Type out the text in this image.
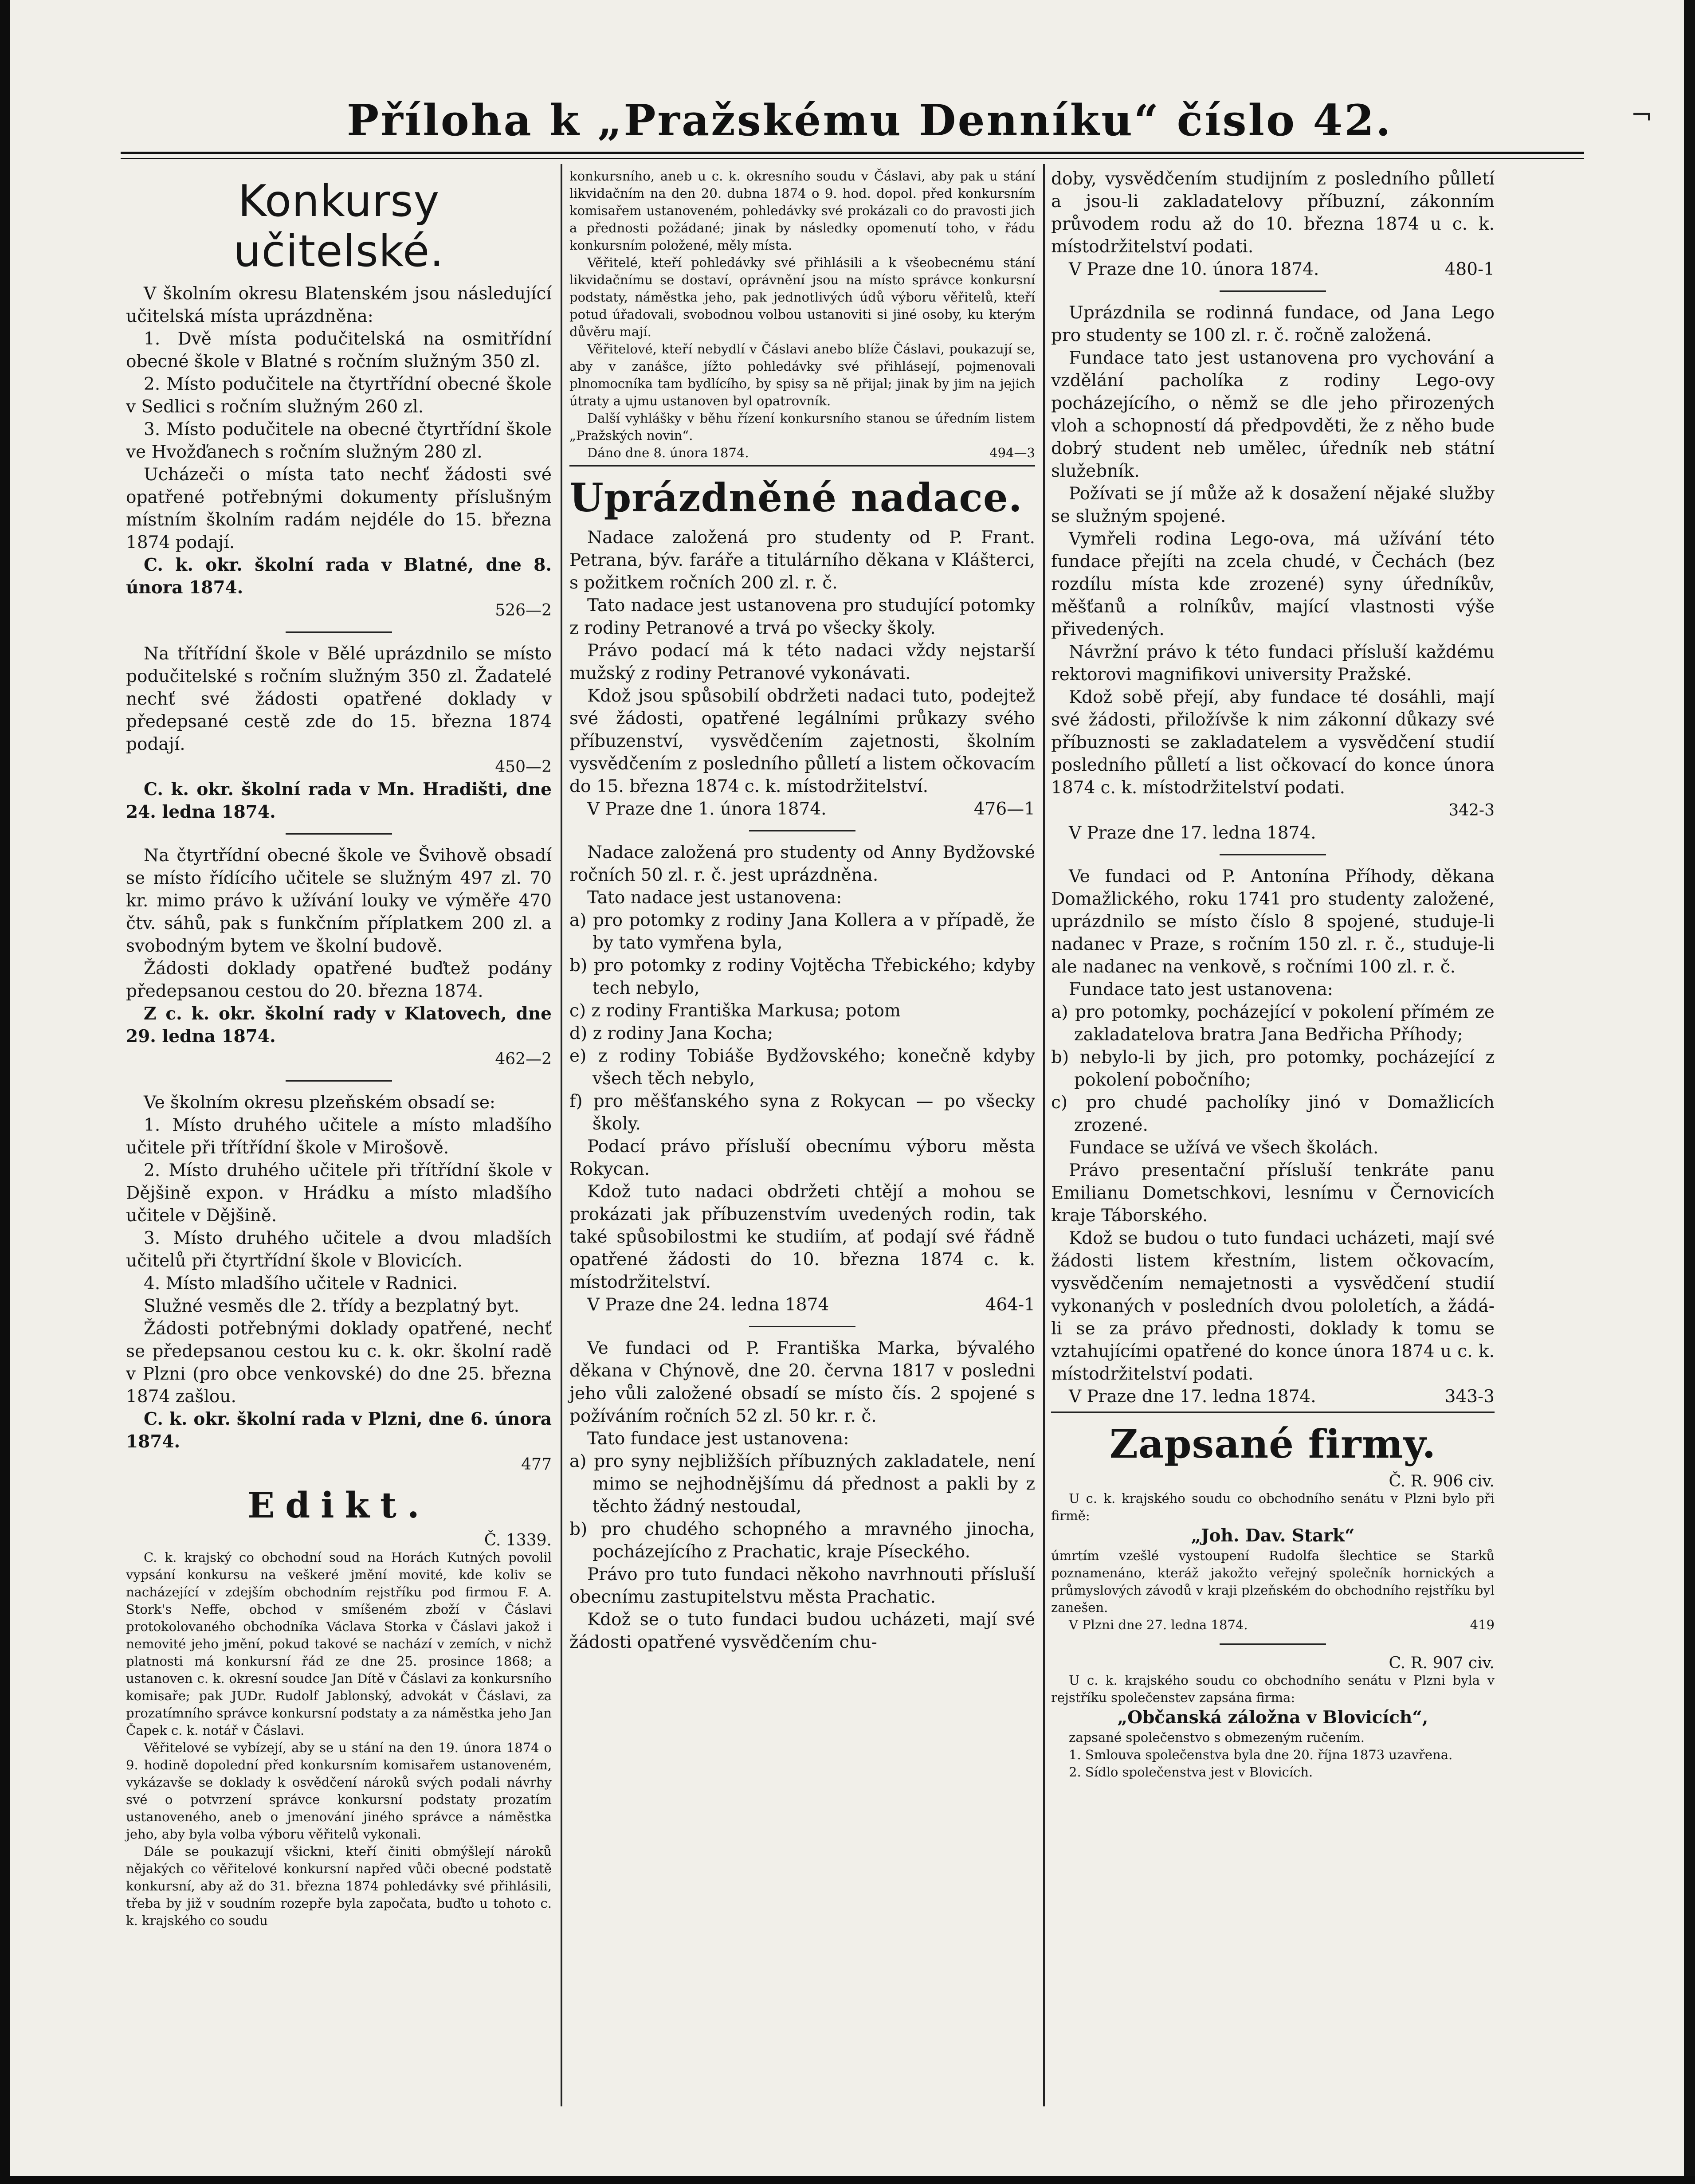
Příloha k „Pražskému Denníku“ číslo 42.	¬
Konkursy učitelské.

V školním okresu Blatenském jsou následující učitelská místa uprázdněna:

1. Dvě místa podučitelská na osmitřídní obecné škole v Blatné s ročním služným 350 zl.

2. Místo podučitele na čtyrtřídní obecné škole v Sedlici s ročním služným 260 zl.

3. Místo podučitele na obecné čtyrtřídní škole ve Hvožďanech s ročním služným 280 zl.

Ucházeči o místa tato nechť žádosti své opatřené potřebnými dokumenty příslušným místním školním radám nejdéle do 15. března 1874 podají.

C. k. okr. školní rada v Blatné, dne 8. února 1874.

526—2

Na třítřídní škole v Bělé uprázdnilo se místo podučitelské s ročním služným 350 zl. Žadatelé nechť své žádosti opatřené doklady v předepsané cestě zde do 15. března 1874 podají.

450—2

C. k. okr. školní rada v Mn. Hradišti, dne 24. ledna 1874.

Na čtyrtřídní obecné škole ve Švihově obsadí se místo řídícího učitele se služným 497 zl. 70 kr. mimo právo k užívání louky ve výměře 470 čtv. sáhů, pak s funkčním příplatkem 200 zl. a svobodným bytem ve školní budově.

Žádosti doklady opatřené buďtež podány předepsanou cestou do 20. března 1874.

Z c. k. okr. školní rady v Klatovech, dne 29. ledna 1874.

462—2

Ve školním okresu plzeňském obsadí se:

1. Místo druhého učitele a místo mladšího učitele při třítřídní škole v Mirošově.

2. Místo druhého učitele při třítřídní škole v Dějšině expon. v Hrádku a místo mladšího učitele v Dějšině.

3. Místo druhého učitele a dvou mladších učitelů při čtyrtřídní škole v Blovicích.

4. Místo mladšího učitele v Radnici.

Služné vesměs dle 2. třídy a bezplatný byt.

Žádosti potřebnými doklady opatřené, nechť se předepsanou cestou ku c. k. okr. školní radě v Plzni (pro obce venkovské) do dne 25. března 1874 zašlou.

C. k. okr. školní rada v Plzni, dne 6. února 1874.

477

Edikt.

Č. 1339.

C. k. krajský co obchodní soud na Horách Kutných povolil vypsání konkursu na veškeré jmění movité, kde koliv se nacházející v zdejším obchodním rejstříku pod firmou F. A. Stork's Neffe, obchod v smíšeném zboží v Čáslavi protokolovaného obchodníka Václava Storka v Čáslavi jakož i nemovité jeho jmění, pokud takové se nachází v zemích, v nichž platnosti má konkursní řád ze dne 25. prosince 1868; a ustanoven c. k. okresní soudce Jan Dítě v Čáslavi za konkursního komisaře; pak JUDr. Rudolf Jablonský, advokát v Čáslavi, za prozatímního správce konkursní podstaty a za náměstka jeho Jan Čapek c. k. notář v Čáslavi.

Věřitelové se vybízejí, aby se u stání na den 19. února 1874 o 9. hodině dopolední před konkursním komisařem ustanoveném, vykázavše se doklady k osvědčení nároků svých podali návrhy své o potvrzení správce konkursní podstaty prozatím ustanoveného, aneb o jmenování jiného správce a náměstka jeho, aby byla volba výboru věřitelů vykonali.

Dále se poukazují všickni, kteří činiti obmýšlejí nároků nějakých co věřitelové konkursní napřed vůči obecné podstatě konkursní, aby až do 31. března 1874 pohledávky své přihlásili, třeba by již v soudním rozepře byla započata, buďto u tohoto c. k. krajského co soudu

konkursního, aneb u c. k. okresního soudu v Čáslavi, aby pak u stání likvidačním na den 20. dubna 1874 o 9. hod. dopol. před konkursním komisařem ustanoveném, pohledávky své prokázali co do pravosti jich a přednosti požádané; jinak by následky opomenutí toho, v řádu konkursním položené, měly místa.

Věřitelé, kteří pohledávky své přihlásili a k všeobecnému stání likvidačnímu se dostaví, oprávnění jsou na místo správce konkursní podstaty, náměstka jeho, pak jednotlivých údů výboru věřitelů, kteří potud úřadovali, svobodnou volbou ustanoviti si jiné osoby, ku kterým důvěru mají.

Věřitelové, kteří nebydlí v Čáslavi anebo blíže Čáslavi, poukazují se, aby v zanášce, jížto pohledávky své přihlásejí, pojmenovali plnomocníka tam bydlícího, by spisy sa ně přijal; jinak by jim na jejich útraty a ujmu ustanoven byl opatrovník.

Další vyhlášky v běhu řízení konkursního stanou se úředním listem „Pražských novin“.

Dáno dne 8. února 1874.	494—3

Uprázdněné nadace.

Nadace založená pro studenty od P. Frant. Petrana, býv. faráře a titulárního děkana v Klášterci, s požitkem ročních 200 zl. r. č.

Tato nadace jest ustanovena pro studující potomky z rodiny Petranové a trvá po všecky školy.

Právo podací má k této nadaci vždy nejstarší mužský z rodiny Petranové vykonávati.

Kdož jsou spůsobilí obdržeti nadaci tuto, podejtež své žádosti, opatřené legálními průkazy svého příbuzenství, vysvědčením zajetnosti, školním vysvědčením z posledního půlletí a listem očkovacím do 15. března 1874 c. k. místodržitelství.

V Praze dne 1. února 1874.	476—1

Nadace založená pro studenty od Anny Bydžovské ročních 50 zl. r. č. jest uprázdněna.

Tato nadace jest ustanovena:

a) pro potomky z rodiny Jana Kollera a v případě, že by tato vymřena byla,

b) pro potomky z rodiny Vojtěcha Třebického; kdyby tech nebylo,

c) z rodiny Františka Markusa; potom

d) z rodiny Jana Kocha;

e) z rodiny Tobiáše Bydžovského; konečně kdyby všech těch nebylo,

f) pro měšťanského syna z Rokycan — po všecky školy.

Podací právo přísluší obecnímu výboru města Rokycan.

Kdož tuto nadaci obdržeti chtějí a mohou se prokázati jak příbuzenstvím uvedených rodin, tak také spůsobilostmi ke studiím, ať podají své řádně opatřené žádosti do 10. března 1874 c. k. místodržitelství.

V Praze dne 24. ledna 1874	464-1

Ve fundaci od P. Františka Marka, bývalého děkana v Chýnově, dne 20. června 1817 v posledni jeho vůli založené obsadí se místo čís. 2 spojené s požíváním ročních 52 zl. 50 kr. r. č.

Tato fundace jest ustanovena:

a) pro syny nejbližších příbuzných zakladatele, není mimo se nejhodnějšímu dá přednost a pakli by z těchto žádný nestoudal,

b) pro chudého schopného a mravného jinocha, pocházejícího z Prachatic, kraje Píseckého.

Právo pro tuto fundaci někoho navrhnouti přísluší obecnímu zastupitelstvu města Prachatic.

Kdož se o tuto fundaci budou ucházeti, mají své žádosti opatřené vysvědčením chu-

doby, vysvědčením studijním z posledního půlletí a jsou-li zakladatelovy příbuzní, zákonním průvodem rodu až do 10. března 1874 u c. k. místodržitelství podati.

V Praze dne 10. února 1874.	480-1

Uprázdnila se rodinná fundace, od Jana Lego pro studenty se 100 zl. r. č. ročně založená.

Fundace tato jest ustanovena pro vychování a vzdělání pacholíka z rodiny Lego-ovy pocházejícího, o němž se dle jeho přirozených vloh a schopností dá předpovděti, že z něho bude dobrý student neb umělec, úředník neb státní služebník.

Požívati se jí může až k dosažení nějaké služby se služným spojené.

Vymřeli rodina Lego-ova, má užívání této fundace přejíti na zcela chudé, v Čechách (bez rozdílu místa kde zrozené) syny úředníkův, měšťanů a rolníkův, mající vlastnosti výše přivedených.

Návržní právo k této fundaci přísluší každému rektorovi magnifikovi university Pražské.

Kdož sobě přejí, aby fundace té dosáhli, mají své žádosti, přiložívše k nim zákonní důkazy své příbuznosti se zakladatelem a vysvědčení studií posledního půlletí a list očkovací do konce února 1874 c. k. místodržitelství podati.

342-3

V Praze dne 17. ledna 1874.

Ve fundaci od P. Antonína Příhody, děkana Domažlického, roku 1741 pro studenty založené, uprázdnilo se místo číslo 8 spojené, studuje-li nadanec v Praze, s ročním 150 zl. r. č., studuje-li ale nadanec na venkově, s ročními 100 zl. r. č.

Fundace tato jest ustanovena:

a) pro potomky, pocházející v pokolení přímém ze zakladatelova bratra Jana Bedřicha Příhody;

b) nebylo-li by jich, pro potomky, pocházející z pokolení pobočního;

c) pro chudé pacholíky jinó v Domažlicích zrozené.

Fundace se užívá ve všech školách.

Právo presentační přísluší tenkráte panu Emilianu Dometschkovi, lesnímu v Černovicích kraje Táborského.

Kdož se budou o tuto fundaci ucházeti, mají své žádosti listem křestním, listem očkovacím, vysvědčením nemajetnosti a vysvědčení studií vykonaných v posledních dvou pololetích, a žádá-li se za právo přednosti, doklady k tomu se vztahujícími opatřené do konce února 1874 u c. k. místodržitelství podati.

V Praze dne 17. ledna 1874.	343-3

Zapsané firmy.

Č. R. 906 civ.

U c. k. krajského soudu co obchodního senátu v Plzni bylo při firmě:

„Joh. Dav. Stark“

úmrtím vzešlé vystoupení Rudolfa šlechtice se Starků poznamenáno, kteráž jakožto veřejný společník hornických a průmyslových závodů v kraji plzeňském do obchodního rejstříku byl zanešen.

V Plzni dne 27. ledna 1874.	419

C. R. 907 civ.

U c. k. krajského soudu co obchodního senátu v Plzni byla v rejstříku společenstev zapsána firma:

„Občanská záložna v Blovicích“,

zapsané společenstvo s obmezeným ručením.

1. Smlouva společenstva byla dne 20. října 1873 uzavřena.

2. Sídlo společenstva jest v Blovicích.
